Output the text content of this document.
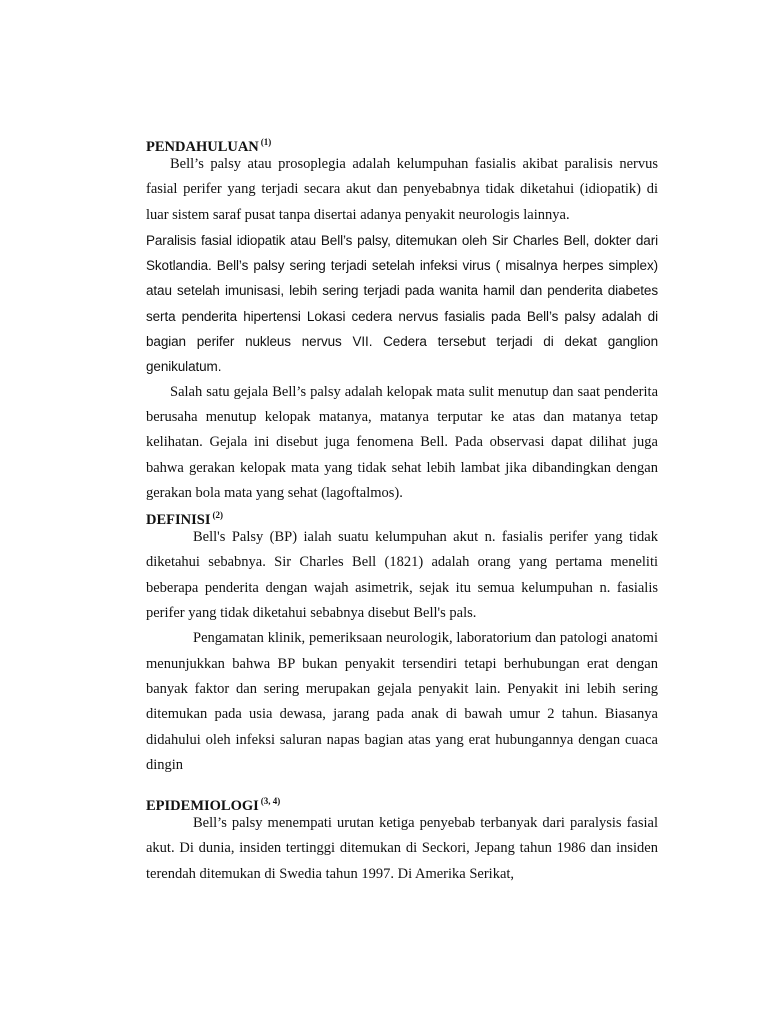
PENDAHULUAN $^{(1)}$

Bell’s palsy atau prosoplegia adalah kelumpuhan fasialis akibat paralisis nervus fasial perifer yang terjadi secara akut dan penyebabnya tidak diketahui (idiopatik) di luar sistem saraf pusat tanpa disertai adanya penyakit neurologis lainnya.

Paralisis fasial idiopatik atau Bell’s palsy, ditemukan oleh Sir Charles Bell, dokter dari Skotlandia. Bell’s palsy sering terjadi setelah infeksi virus ( misalnya herpes simplex) atau setelah imunisasi, lebih sering terjadi pada wanita hamil dan penderita diabetes serta penderita hipertensi Lokasi cedera nervus fasialis pada Bell’s palsy adalah di bagian perifer nukleus nervus VII. Cedera tersebut terjadi di dekat ganglion genikulatum.

Salah satu gejala Bell’s palsy adalah kelopak mata sulit menutup dan saat penderita berusaha menutup kelopak matanya, matanya terputar ke atas dan matanya tetap kelihatan. Gejala ini disebut juga fenomena Bell. Pada observasi dapat dilihat juga bahwa gerakan kelopak mata yang tidak sehat lebih lambat jika dibandingkan dengan gerakan bola mata yang sehat (lagoftalmos).

DEFINISI $^{(2)}$

Bell's Palsy (BP) ialah suatu kelumpuhan akut n. fasialis perifer yang tidak diketahui sebabnya. Sir Charles Bell (1821) adalah orang yang pertama meneliti beberapa penderita dengan wajah asimetrik, sejak itu semua kelumpuhan n. fasialis perifer yang tidak diketahui sebabnya disebut Bell's pals.

Pengamatan klinik, pemeriksaan neurologik, laboratorium dan patologi anatomi menunjukkan bahwa BP bukan penyakit tersendiri tetapi berhubungan erat dengan banyak faktor dan sering merupakan gejala penyakit lain. Penyakit ini lebih sering ditemukan pada usia dewasa, jarang pada anak di bawah umur 2 tahun. Biasanya didahului oleh infeksi saluran napas bagian atas yang erat hubungannya dengan cuaca dingin

EPIDEMIOLOGI $^{(3, 4)}$

Bell’s palsy menempati urutan ketiga penyebab terbanyak dari paralysis fasial akut. Di dunia, insiden tertinggi ditemukan di Seckori, Jepang tahun 1986 dan insiden terendah ditemukan di Swedia tahun 1997. Di Amerika Serikat,
